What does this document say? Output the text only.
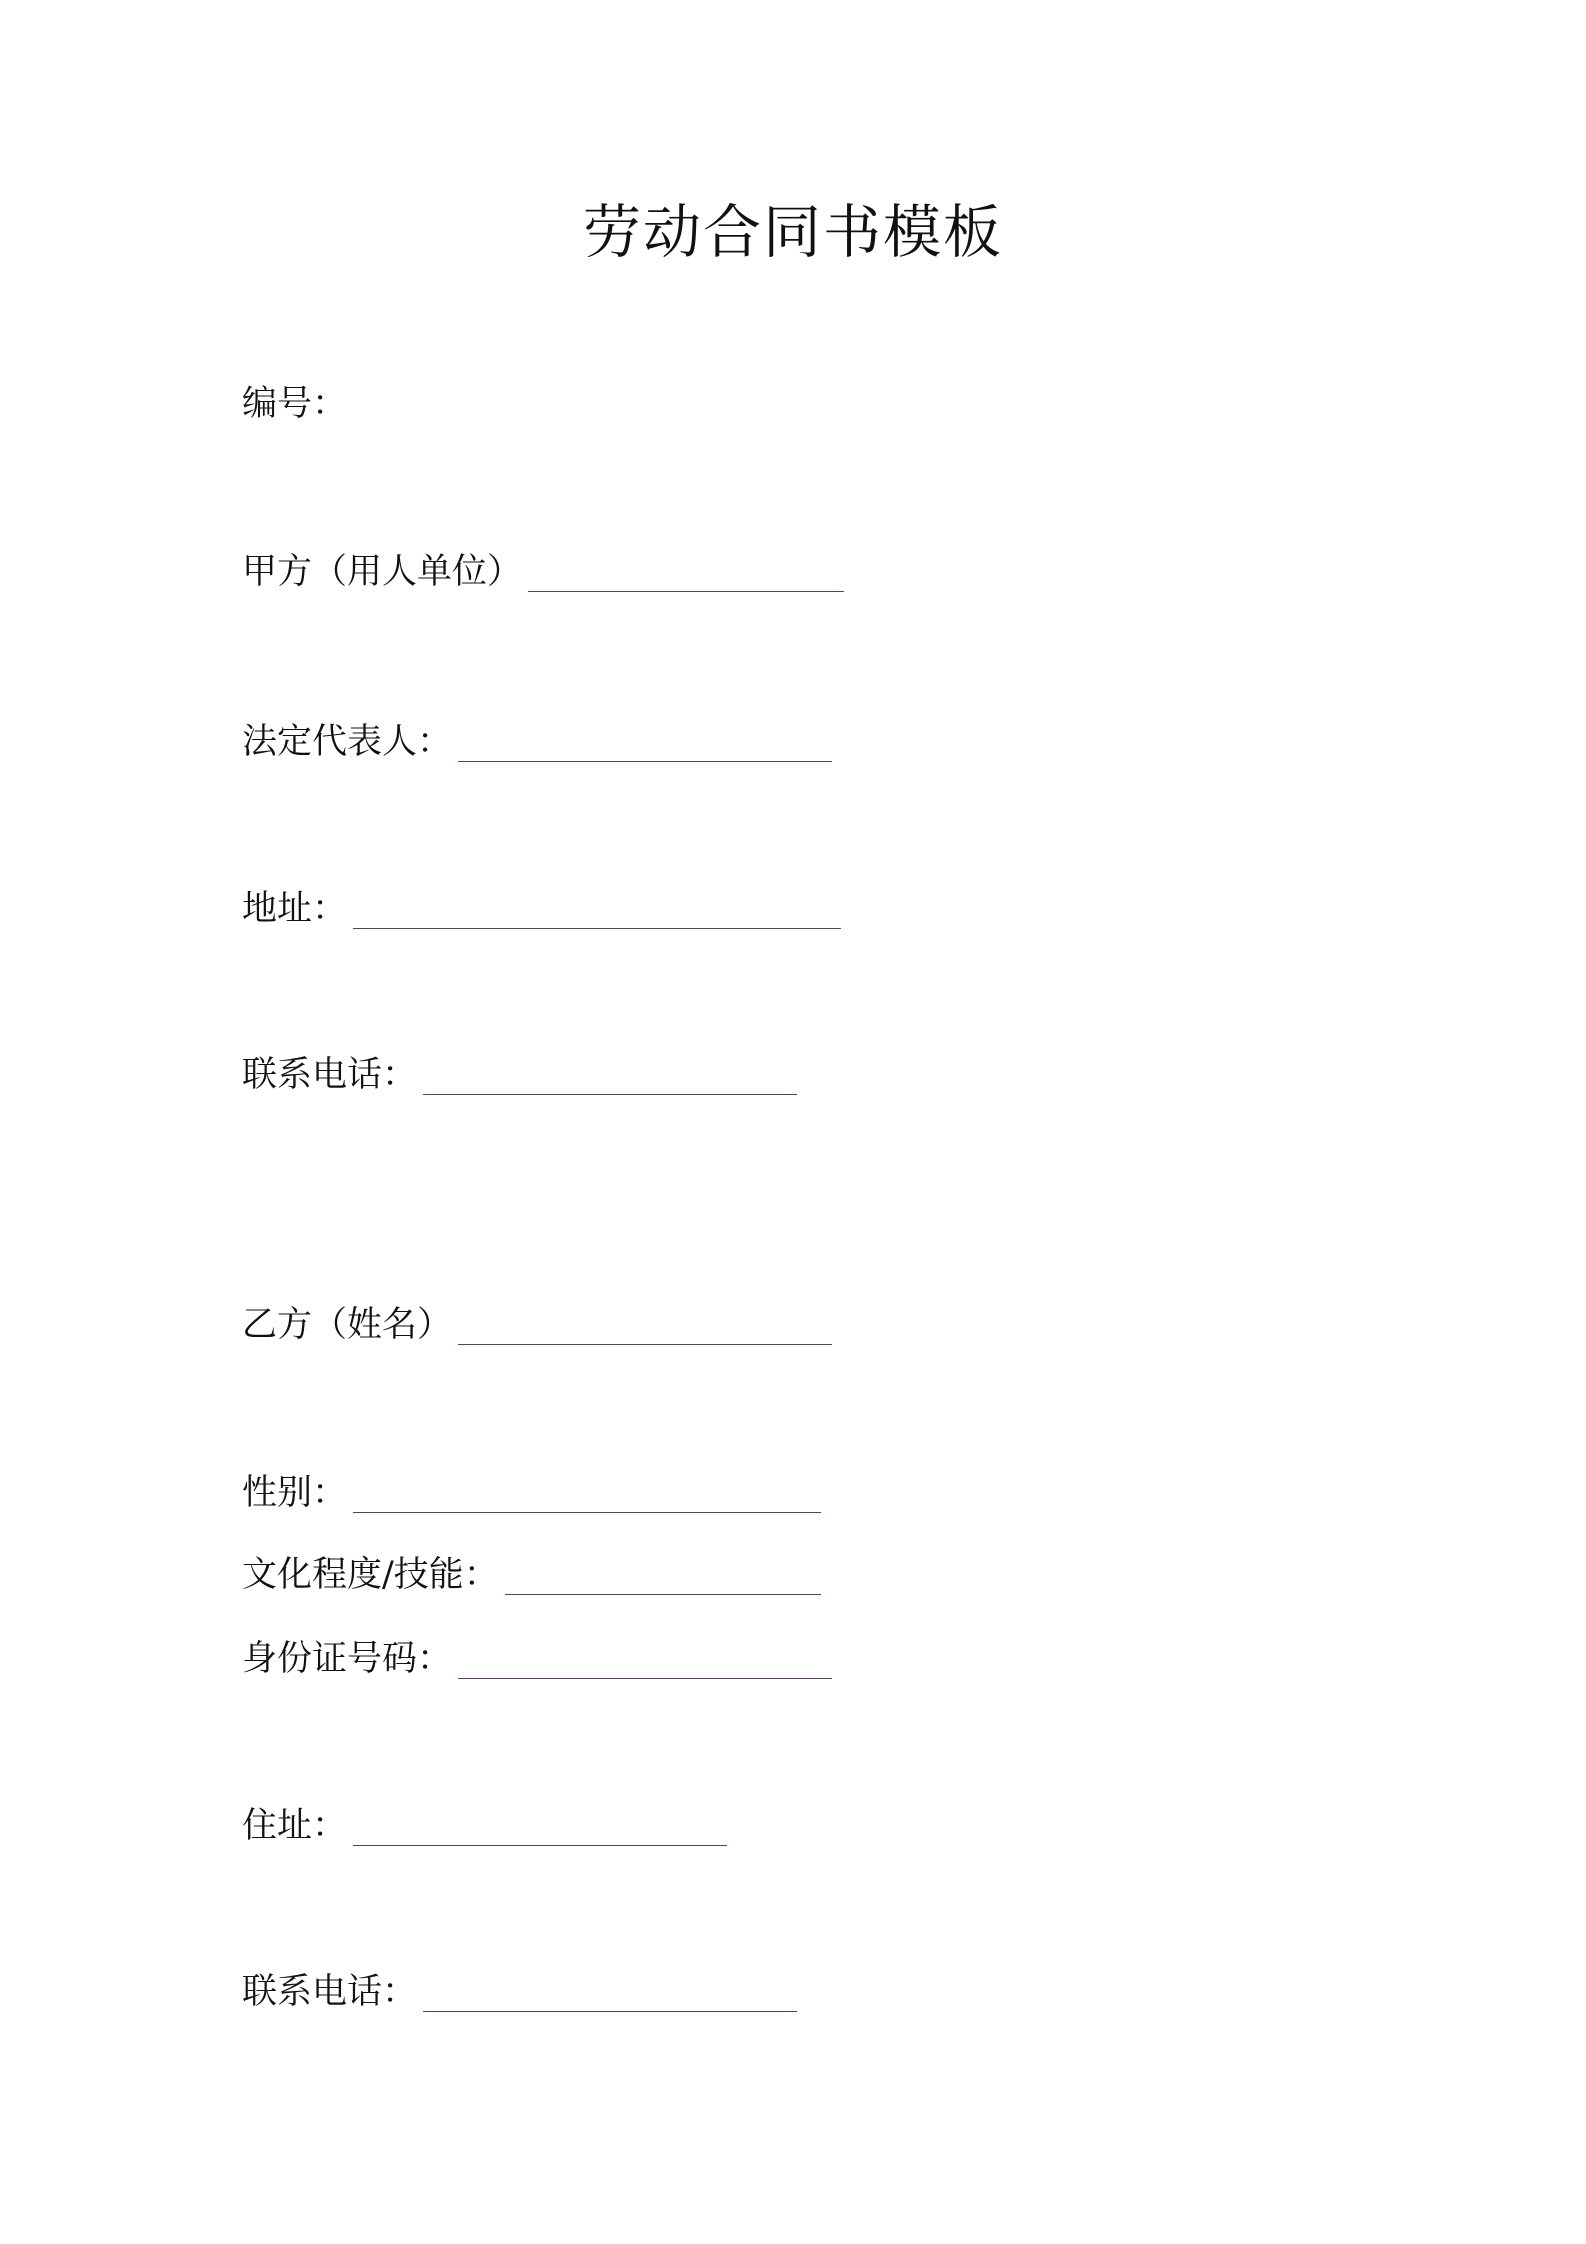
劳动合同书模板
编号：
甲方（用人单位）
法定代表人：
地址：
联系电话：
乙方（姓名）
性别：
文化程度/技能：
身份证号码：
住址：
联系电话：
